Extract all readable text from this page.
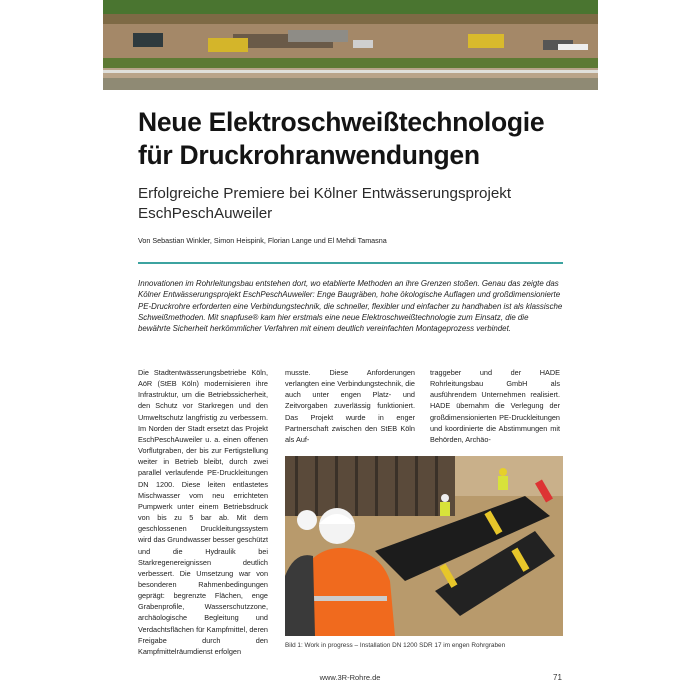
Neue Elektroschweißtechnologie für Druckrohranwendungen
Erfolgreiche Premiere bei Kölner Entwässerungsprojekt EschPeschAuweiler
Von Sebastian Winkler, Simon Heispink, Florian Lange und El Mehdi Tamasna

Innovationen im Rohrleitungsbau entstehen dort, wo etablierte Methoden an ihre Grenzen stoßen. Genau das zeigte das Kölner Entwässerungsprojekt EschPeschAuweiler: Enge Baugräben, hohe ökologische Auflagen und großdimensionierte PE-Druckrohre erforderten eine Verbindungstechnik, die schneller, flexibler und einfacher zu handhaben ist als klassische Schweißmethoden. Mit snapfuse® kam hier erstmals eine neue Elektroschweißtechnologie zum Einsatz, die die bewährte Sicherheit herkömmlicher Verfahren mit einem deutlich vereinfachten Montageprozess verbindet.

Die Stadtentwässerungsbetriebe Köln, AöR (StEB Köln) modernisieren ihre Infrastruktur, um die Betriebssicherheit, den Schutz vor Starkregen und den Umweltschutz langfristig zu verbessern. Im Norden der Stadt ersetzt das Projekt EschPeschAuweiler u. a. einen offenen Vorflutgraben, der bis zur Fertigstellung weiter in Betrieb bleibt, durch zwei parallel verlaufende PE-Druckleitungen DN 1200. Diese leiten entlastetes Mischwasser vom neu errichteten Pumpwerk unter einem Betriebsdruck von bis zu 5 bar ab. Mit dem geschlossenen Druckleitungssystem wird das Grundwasser besser geschützt und die Hydraulik bei Starkregenereignissen deutlich verbessert. Die Umsetzung war von besonderen Rahmenbedingungen geprägt: begrenzte Flächen, enge Grabenprofile, Wasserschutzzone, archäologische Begleitung und Verdachtsflächen für Kampfmittel, deren Freigabe durch den Kampfmittelräumdienst erfolgen

musste. Diese Anforderungen verlangten eine Verbindungstechnik, die auch unter engen Platz- und Zeitvorgaben zuverlässig funktioniert. Das Projekt wurde in enger Partnerschaft zwischen den StEB Köln als Auf-

traggeber und der HADE Rohrleitungsbau GmbH als ausführendem Unternehmen realisiert. HADE übernahm die Verlegung der großdimensionierten PE-Druckleitungen und koordinierte die Abstimmungen mit Behörden, Archäo-

Bild 1: Work in progress – Installation DN 1200 SDR 17 im engen Rohrgraben
www.3R-Rohre.de	71
